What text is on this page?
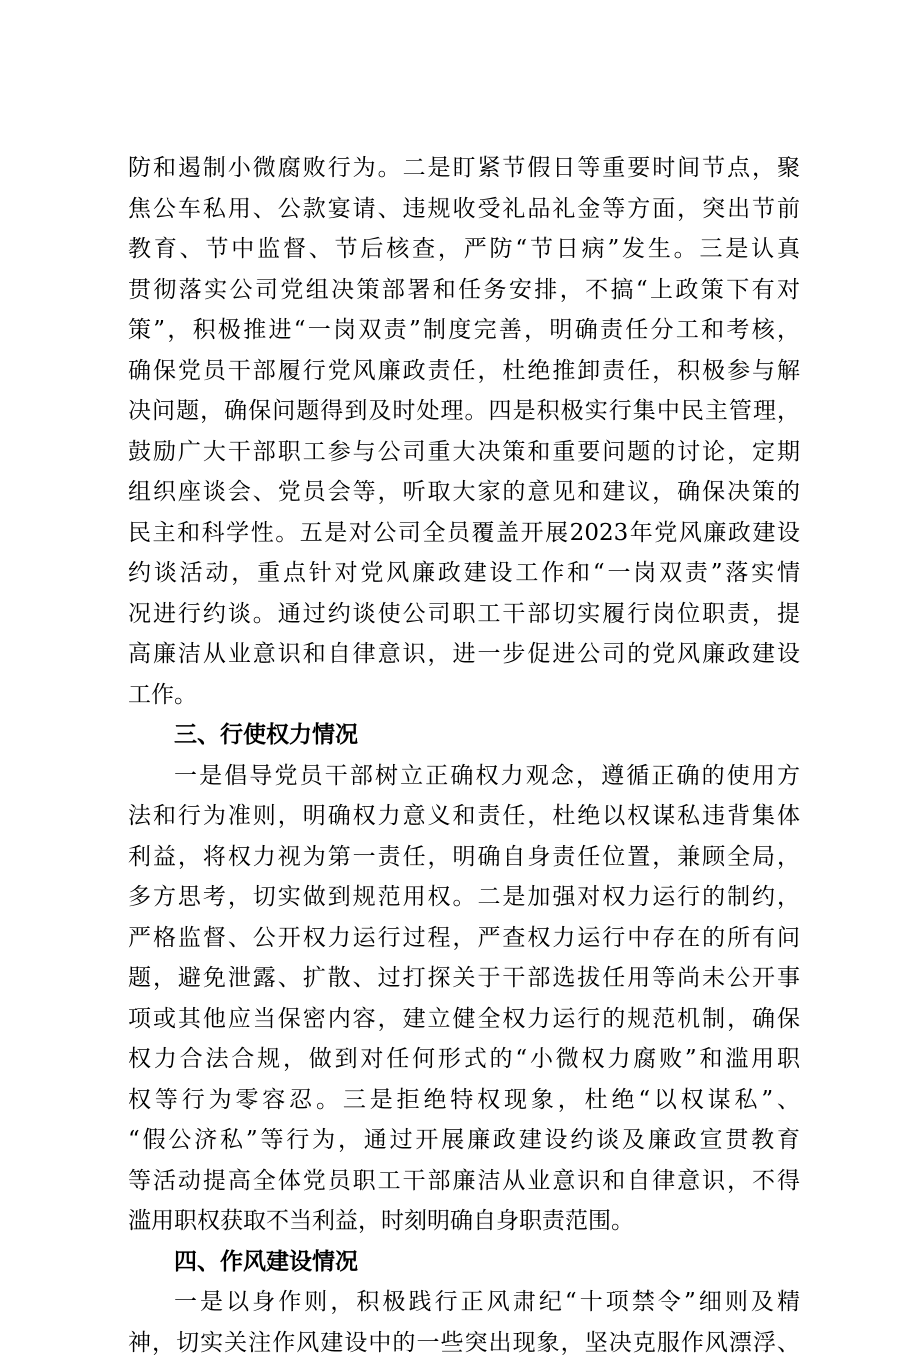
防和遏制小微腐败行为。二是盯紧节假日等重要时间节点，聚
焦公车私用、公款宴请、违规收受礼品礼金等方面，突出节前
教育、节中监督、节后核查，严防“节日病”发生。三是认真
贯彻落实公司党组决策部署和任务安排，不搞“上政策下有对
策”，积极推进“一岗双责”制度完善，明确责任分工和考核，
确保党员干部履行党风廉政责任，杜绝推卸责任，积极参与解
决问题，确保问题得到及时处理。四是积极实行集中民主管理，
鼓励广大干部职工参与公司重大决策和重要问题的讨论，定期
组织座谈会、党员会等，听取大家的意见和建议，确保决策的
民主和科学性。五是对公司全员覆盖开展2023年党风廉政建设
约谈活动，重点针对党风廉政建设工作和“一岗双责”落实情
况进行约谈。通过约谈使公司职工干部切实履行岗位职责，提
高廉洁从业意识和自律意识，进一步促进公司的党风廉政建设
工作。
三、行使权力情况
一是倡导党员干部树立正确权力观念，遵循正确的使用方
法和行为准则，明确权力意义和责任，杜绝以权谋私违背集体
利益，将权力视为第一责任，明确自身责任位置，兼顾全局，
多方思考，切实做到规范用权。二是加强对权力运行的制约，
严格监督、公开权力运行过程，严查权力运行中存在的所有问
题，避免泄露、扩散、过打探关于干部选拔任用等尚未公开事
项或其他应当保密内容，建立健全权力运行的规范机制，确保
权力合法合规，做到对任何形式的“小微权力腐败”和滥用职
权等行为零容忍。三是拒绝特权现象，杜绝“以权谋私”、
“假公济私”等行为，通过开展廉政建设约谈及廉政宣贯教育
等活动提高全体党员职工干部廉洁从业意识和自律意识，不得
滥用职权获取不当利益，时刻明确自身职责范围。
四、作风建设情况
一是以身作则，积极践行正风肃纪“十项禁令”细则及精
神，切实关注作风建设中的一些突出现象，坚决克服作风漂浮、
